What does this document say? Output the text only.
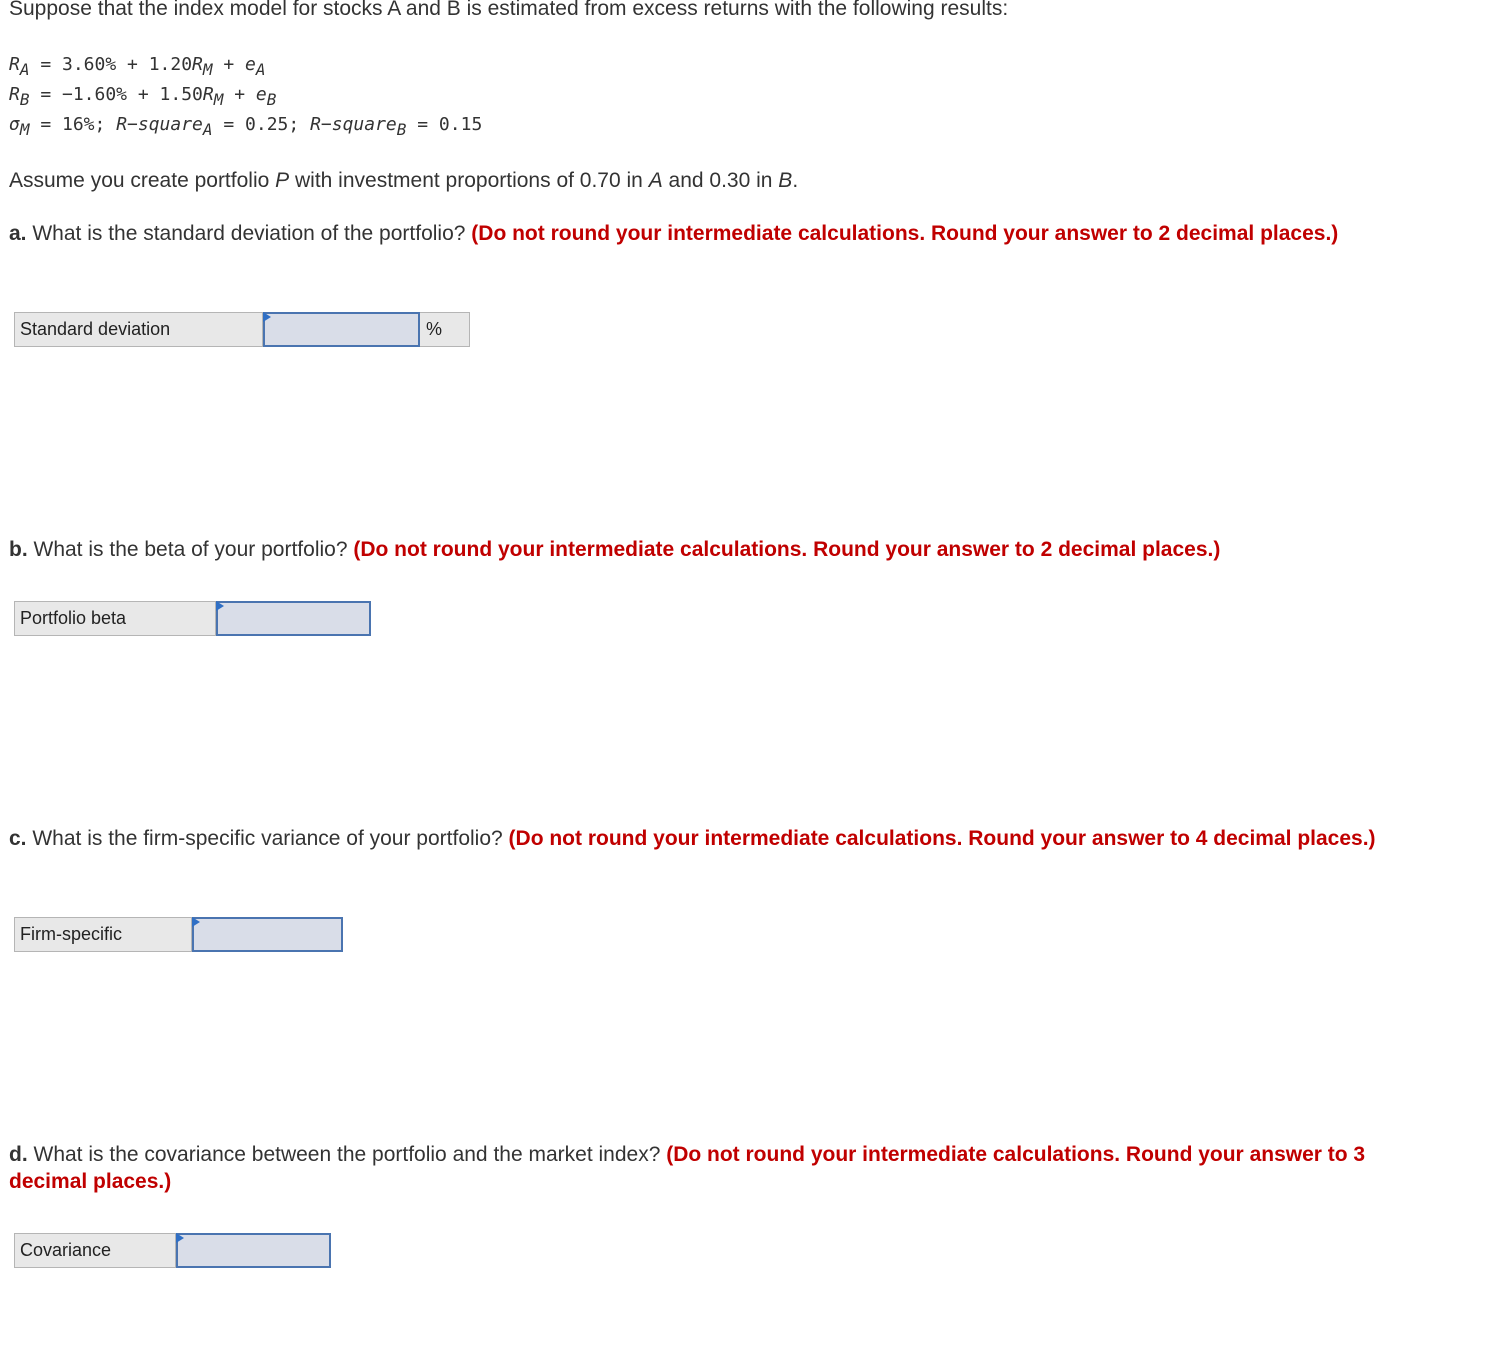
Suppose that the index model for stocks A and B is estimated from excess returns with the following results:
$R_A = 3.60\% + 1.20R_M + e_A$
$R_B = -1.60\% + 1.50R_M + e_B$
$\sigma_M = 16\%$; R−square$_A$ = 0.25; R−square$_B$ = 0.15
Assume you create portfolio P with investment proportions of 0.70 in A and 0.30 in B.
a. What is the standard deviation of the portfolio? (Do not round your intermediate calculations. Round your answer to 2 decimal places.)
Standard deviation	%
b. What is the beta of your portfolio? (Do not round your intermediate calculations. Round your answer to 2 decimal places.)
Portfolio beta
c. What is the firm-specific variance of your portfolio? (Do not round your intermediate calculations. Round your answer to 4 decimal places.)
Firm-specific
d. What is the covariance between the portfolio and the market index? (Do not round your intermediate calculations. Round your answer to 3 decimal places.)
Covariance
